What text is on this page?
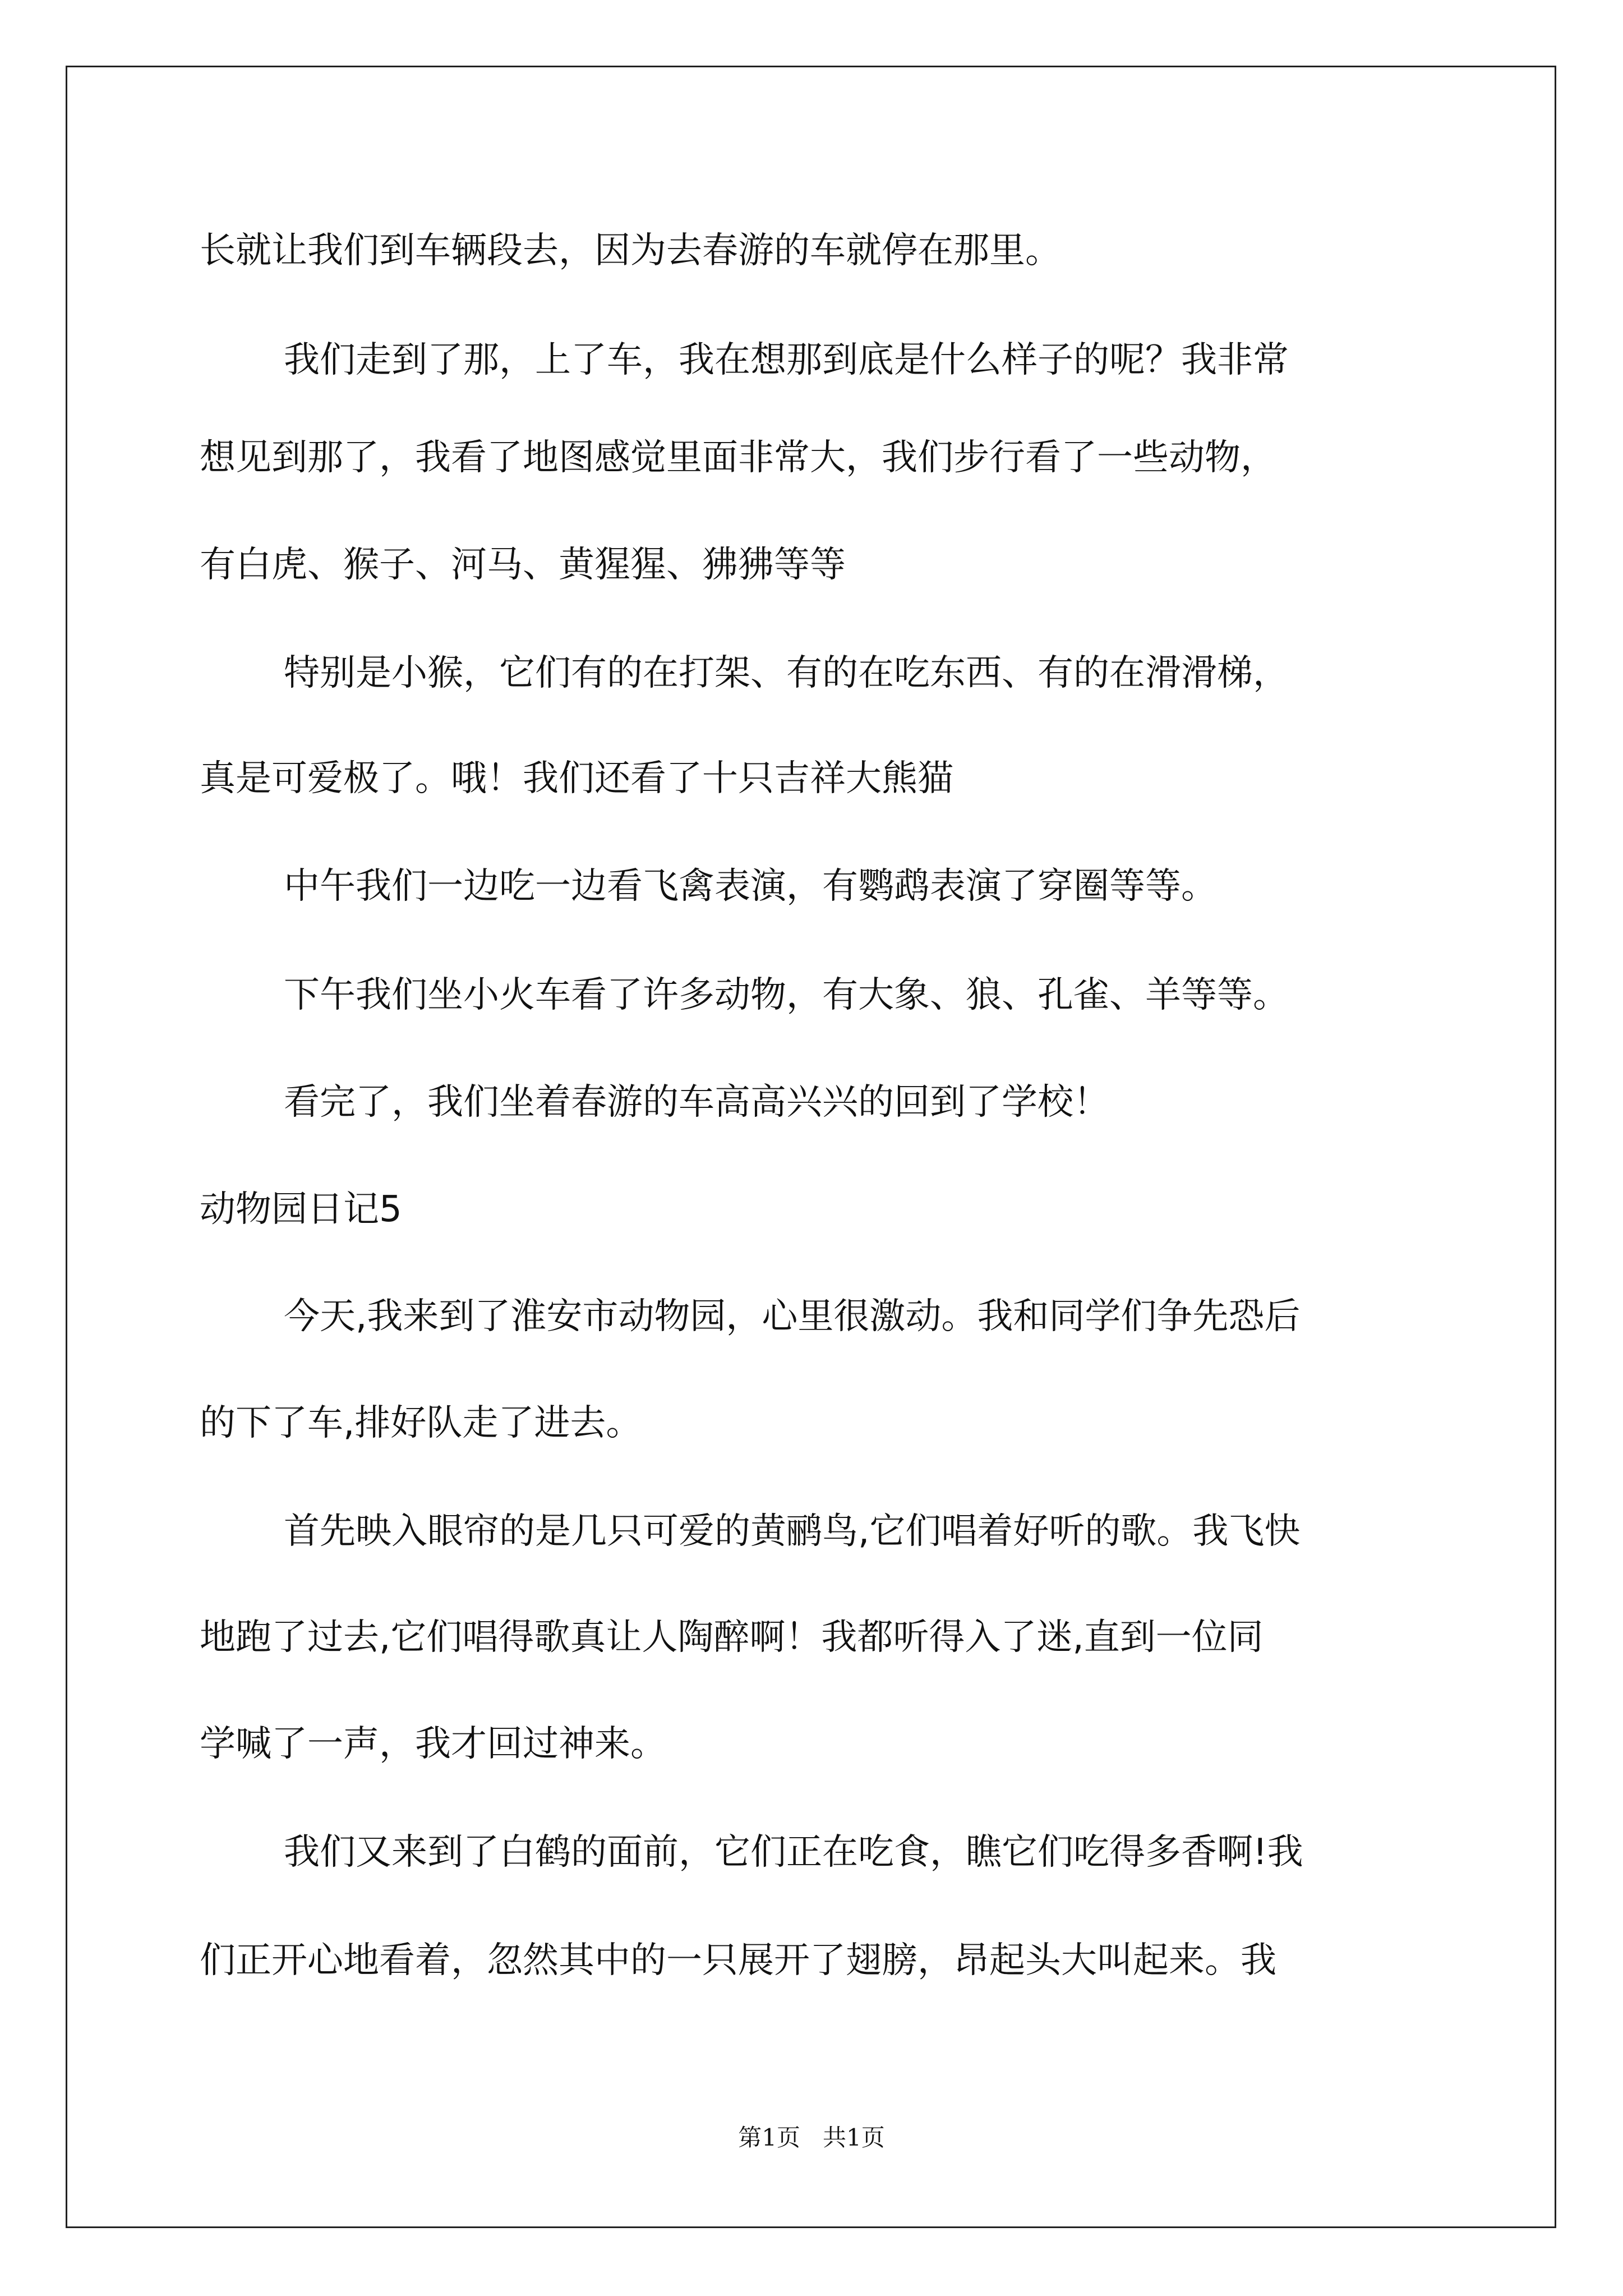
长就让我们到车辆段去，因为去春游的车就停在那里。
我们走到了那，上了车，我在想那到底是什么样子的呢？我非常
想见到那了，我看了地图感觉里面非常大，我们步行看了一些动物，
有白虎、猴子、河马、黄猩猩、狒狒等等
特别是小猴，它们有的在打架、有的在吃东西、有的在滑滑梯，
真是可爱极了。哦！我们还看了十只吉祥大熊猫
中午我们一边吃一边看飞禽表演，有鹦鹉表演了穿圈等等。
下午我们坐小火车看了许多动物，有大象、狼、孔雀、羊等等。
看完了，我们坐着春游的车高高兴兴的回到了学校！
动物园日记5
今天,我来到了淮安市动物园，心里很激动。我和同学们争先恐后
的下了车,排好队走了进去。
首先映入眼帘的是几只可爱的黄鹂鸟,它们唱着好听的歌。我飞快
地跑了过去,它们唱得歌真让人陶醉啊！我都听得入了迷,直到一位同
学喊了一声，我才回过神来。
我们又来到了白鹤的面前，它们正在吃食，瞧它们吃得多香啊!我
们正开心地看着，忽然其中的一只展开了翅膀，昂起头大叫起来。我
第1页 共1页
